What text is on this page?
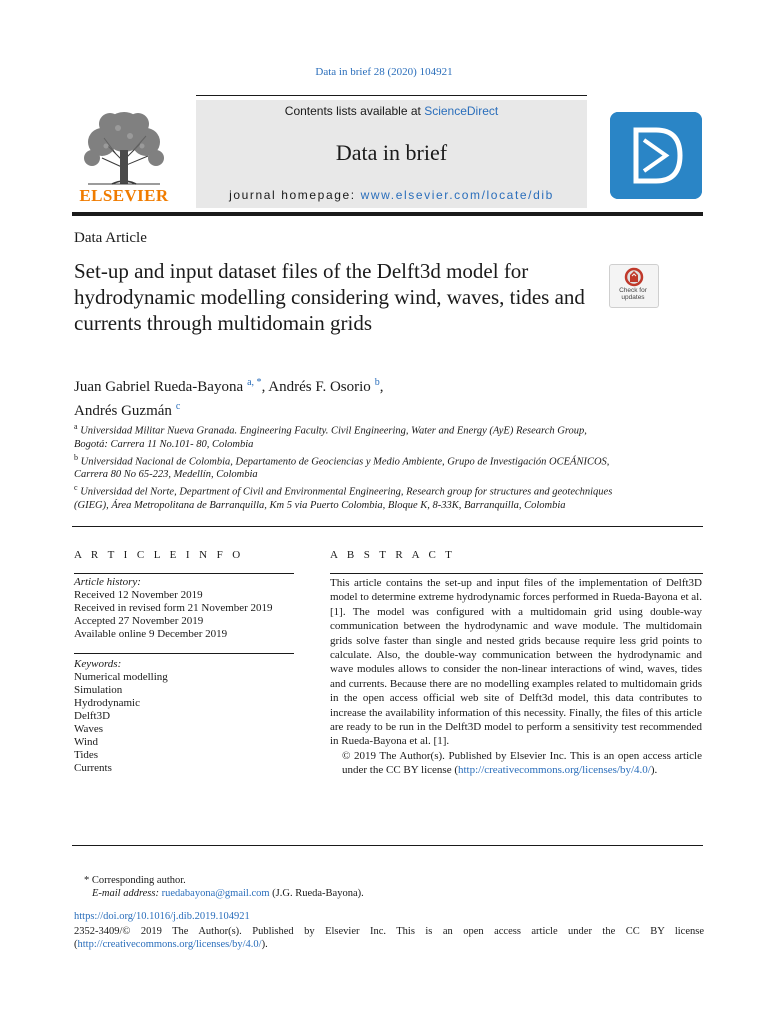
Data in brief 28 (2020) 104921
Contents lists available at ScienceDirect
Data in brief
journal homepage: www.elsevier.com/locate/dib
ELSEVIER
Data Article
Set-up and input dataset files of the Delft3d model for hydrodynamic modelling considering wind, waves, tides and currents through multidomain grids
Check for updates
Juan Gabriel Rueda-Bayona $^{a, *}$, Andrés F. Osorio $^b$,
Andrés Guzmán $^c$

$^a$ Universidad Militar Nueva Granada. Engineering Faculty. Civil Engineering, Water and Energy (AyE) Research Group, Bogotá: Carrera 11 No.101- 80, Colombia

$^b$ Universidad Nacional de Colombia, Departamento de Geociencias y Medio Ambiente, Grupo de Investigación OCEÁNICOS, Carrera 80 No 65-223, Medellín, Colombia

$^c$ Universidad del Norte, Department of Civil and Environmental Engineering, Research group for structures and geotechniques (GIEG), Área Metropolitana de Barranquilla, Km 5 via Puerto Colombia, Bloque K, 8-33K, Barranquilla, Colombia

A R T I C L E I N F O	A B S T R A C T
Article history:
Received 12 November 2019
Received in revised form 21 November 2019
Accepted 27 November 2019
Available online 9 December 2019
Keywords:
Numerical modelling
Simulation
Hydrodynamic
Delft3D
Waves
Wind
Tides
Currents

This article contains the set-up and input files of the implementation of Delft3D model to determine extreme hydrodynamic forces performed in Rueda-Bayona et al. [1]. The model was configured with a multidomain grid using double-way communication between the hydrodynamic and wave module. The multidomain grids solve faster than single and nested grids because require less grid points to calculate. Also, the double-way communication between the hydrodynamic and wave modules allows to consider the non-linear interactions of wind, waves, tides and currents. Because there are no modelling examples related to multidomain grids in the open access official web site of Delft3d model, this data contributes to increase the availability information of this necessity. Finally, the files of this article are ready to be run in the Delft3D model to perform a sensitivity test recommended in Rueda-Bayona et al. [1].

© 2019 The Author(s). Published by Elsevier Inc. This is an open access article under the CC BY license (http://creativecommons.org/licenses/by/4.0/).

* Corresponding author.

E-mail address: ruedabayona@gmail.com (J.G. Rueda-Bayona).

https://doi.org/10.1016/j.dib.2019.104921
2352-3409/© 2019 The Author(s). Published by Elsevier Inc. This is an open access article under the CC BY license (http://creativecommons.org/licenses/by/4.0/).
